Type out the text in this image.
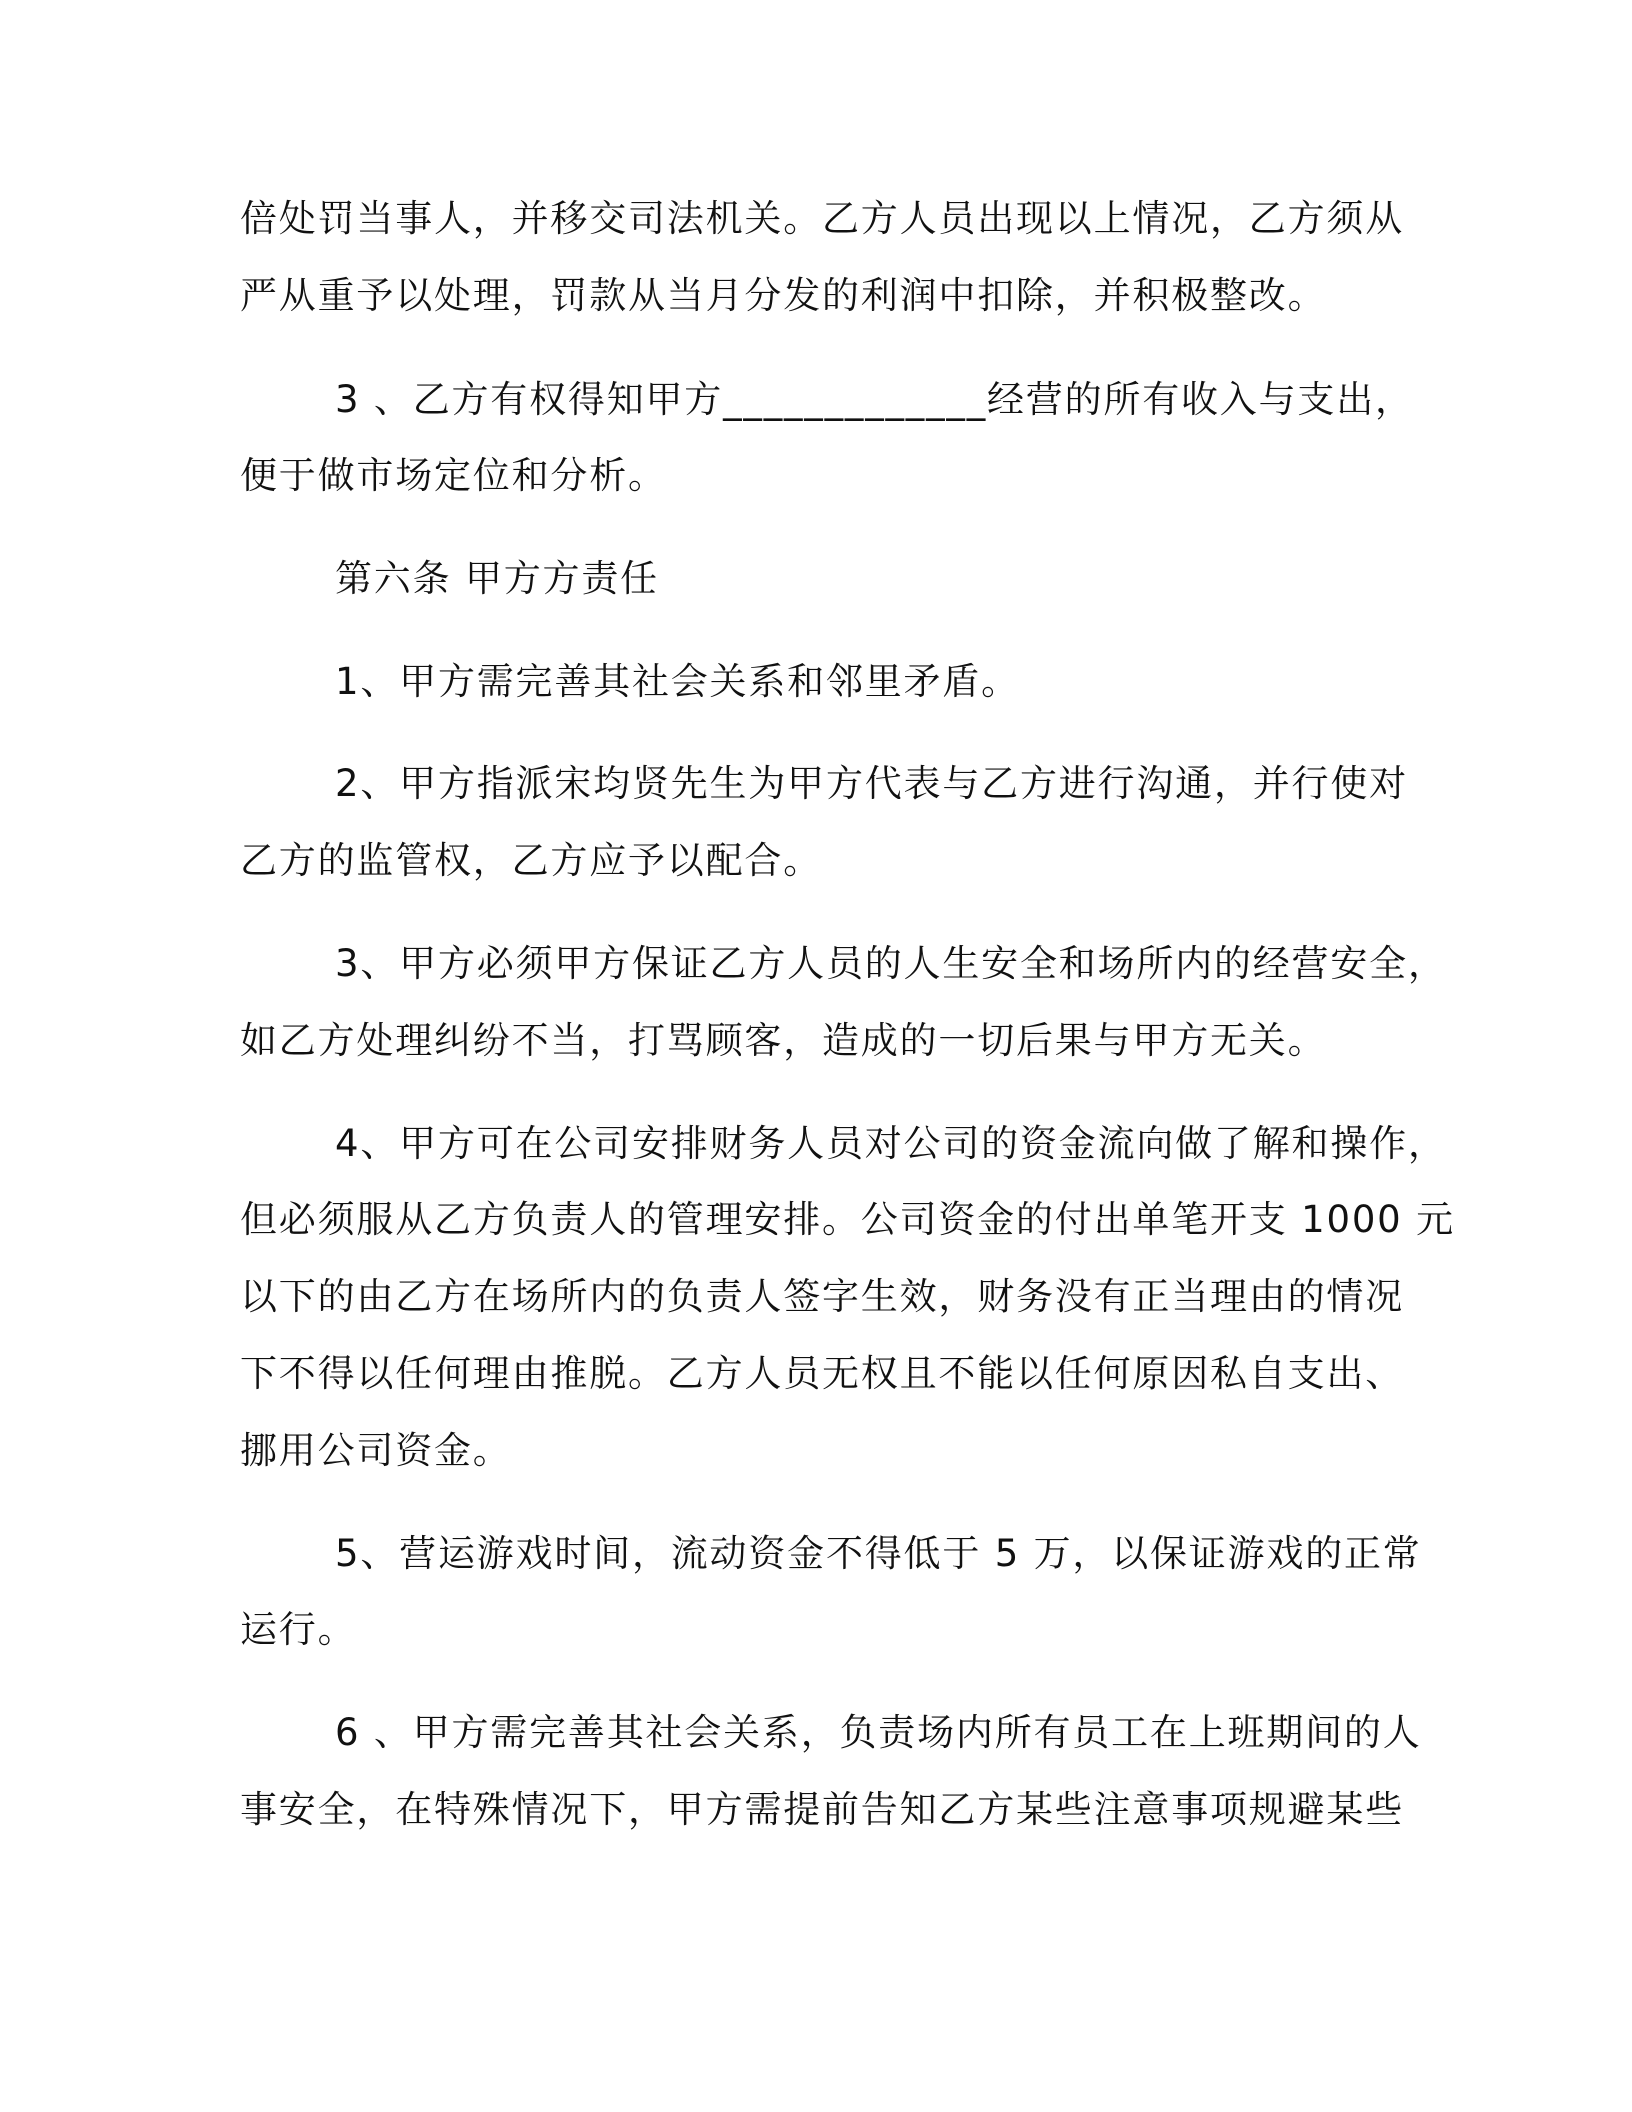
倍处罚当事人，并移交司法机关。乙方人员出现以上情况，乙方须从
严从重予以处理，罚款从当月分发的利润中扣除，并积极整改。
3 、乙方有权得知甲方_____________经营的所有收入与支出，
便于做市场定位和分析。
第六条 甲方方责任
1、甲方需完善其社会关系和邻里矛盾。
2、甲方指派宋均贤先生为甲方代表与乙方进行沟通，并行使对
乙方的监管权，乙方应予以配合。
3、甲方必须甲方保证乙方人员的人生安全和场所内的经营安全，
如乙方处理纠纷不当，打骂顾客，造成的一切后果与甲方无关。
4、甲方可在公司安排财务人员对公司的资金流向做了解和操作，
但必须服从乙方负责人的管理安排。公司资金的付出单笔开支 1000 元
以下的由乙方在场所内的负责人签字生效，财务没有正当理由的情况
下不得以任何理由推脱。乙方人员无权且不能以任何原因私自支出、
挪用公司资金。
5、营运游戏时间，流动资金不得低于 5 万，以保证游戏的正常
运行。
6 、甲方需完善其社会关系，负责场内所有员工在上班期间的人
事安全，在特殊情况下，甲方需提前告知乙方某些注意事项规避某些
